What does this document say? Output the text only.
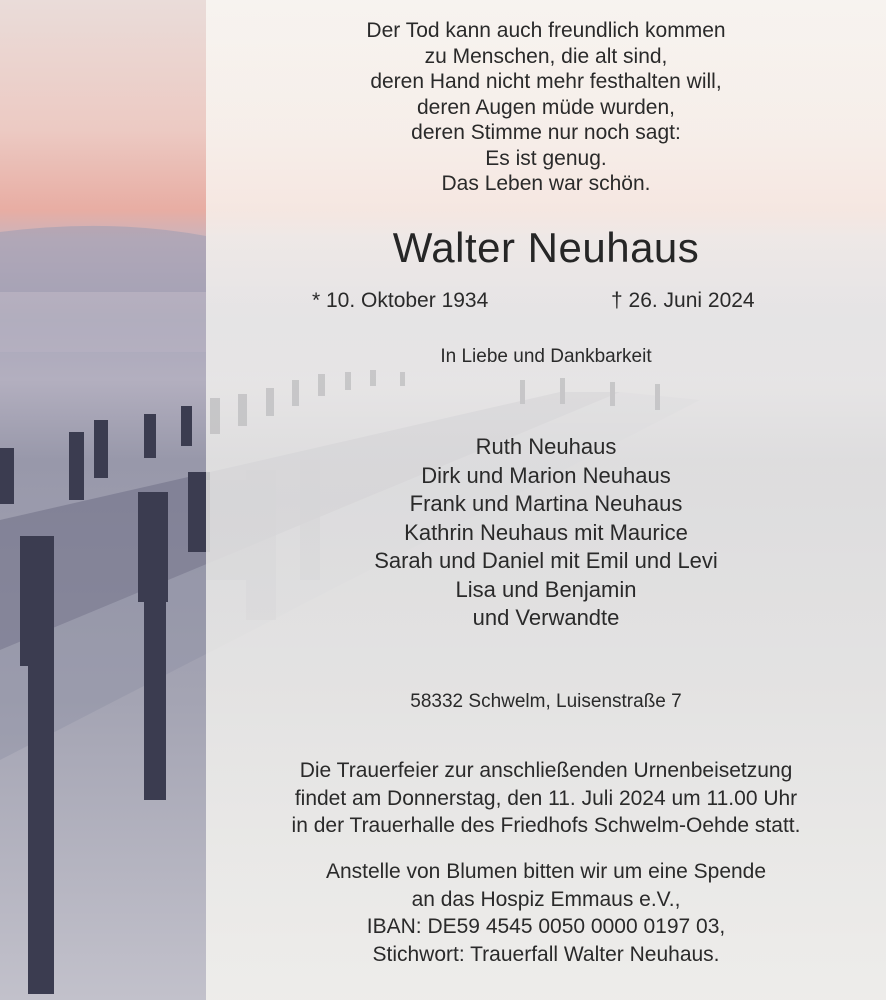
Der Tod kann auch freundlich kommen
zu Menschen, die alt sind,
deren Hand nicht mehr festhalten will,
deren Augen müde wurden,
deren Stimme nur noch sagt:
Es ist genug.
Das Leben war schön.
Walter Neuhaus
* 10. Oktober 1934	† 26. Juni 2024
In Liebe und Dankbarkeit
Ruth Neuhaus
Dirk und Marion Neuhaus
Frank und Martina Neuhaus
Kathrin Neuhaus mit Maurice
Sarah und Daniel mit Emil und Levi
Lisa und Benjamin
und Verwandte
58332 Schwelm, Luisenstraße 7
Die Trauerfeier zur anschließenden Urnenbeisetzung
findet am Donnerstag, den 11. Juli 2024 um 11.00 Uhr
in der Trauerhalle des Friedhofs Schwelm-Oehde statt.
Anstelle von Blumen bitten wir um eine Spende
an das Hospiz Emmaus e.V.,
IBAN: DE59 4545 0050 0000 0197 03,
Stichwort: Trauerfall Walter Neuhaus.
